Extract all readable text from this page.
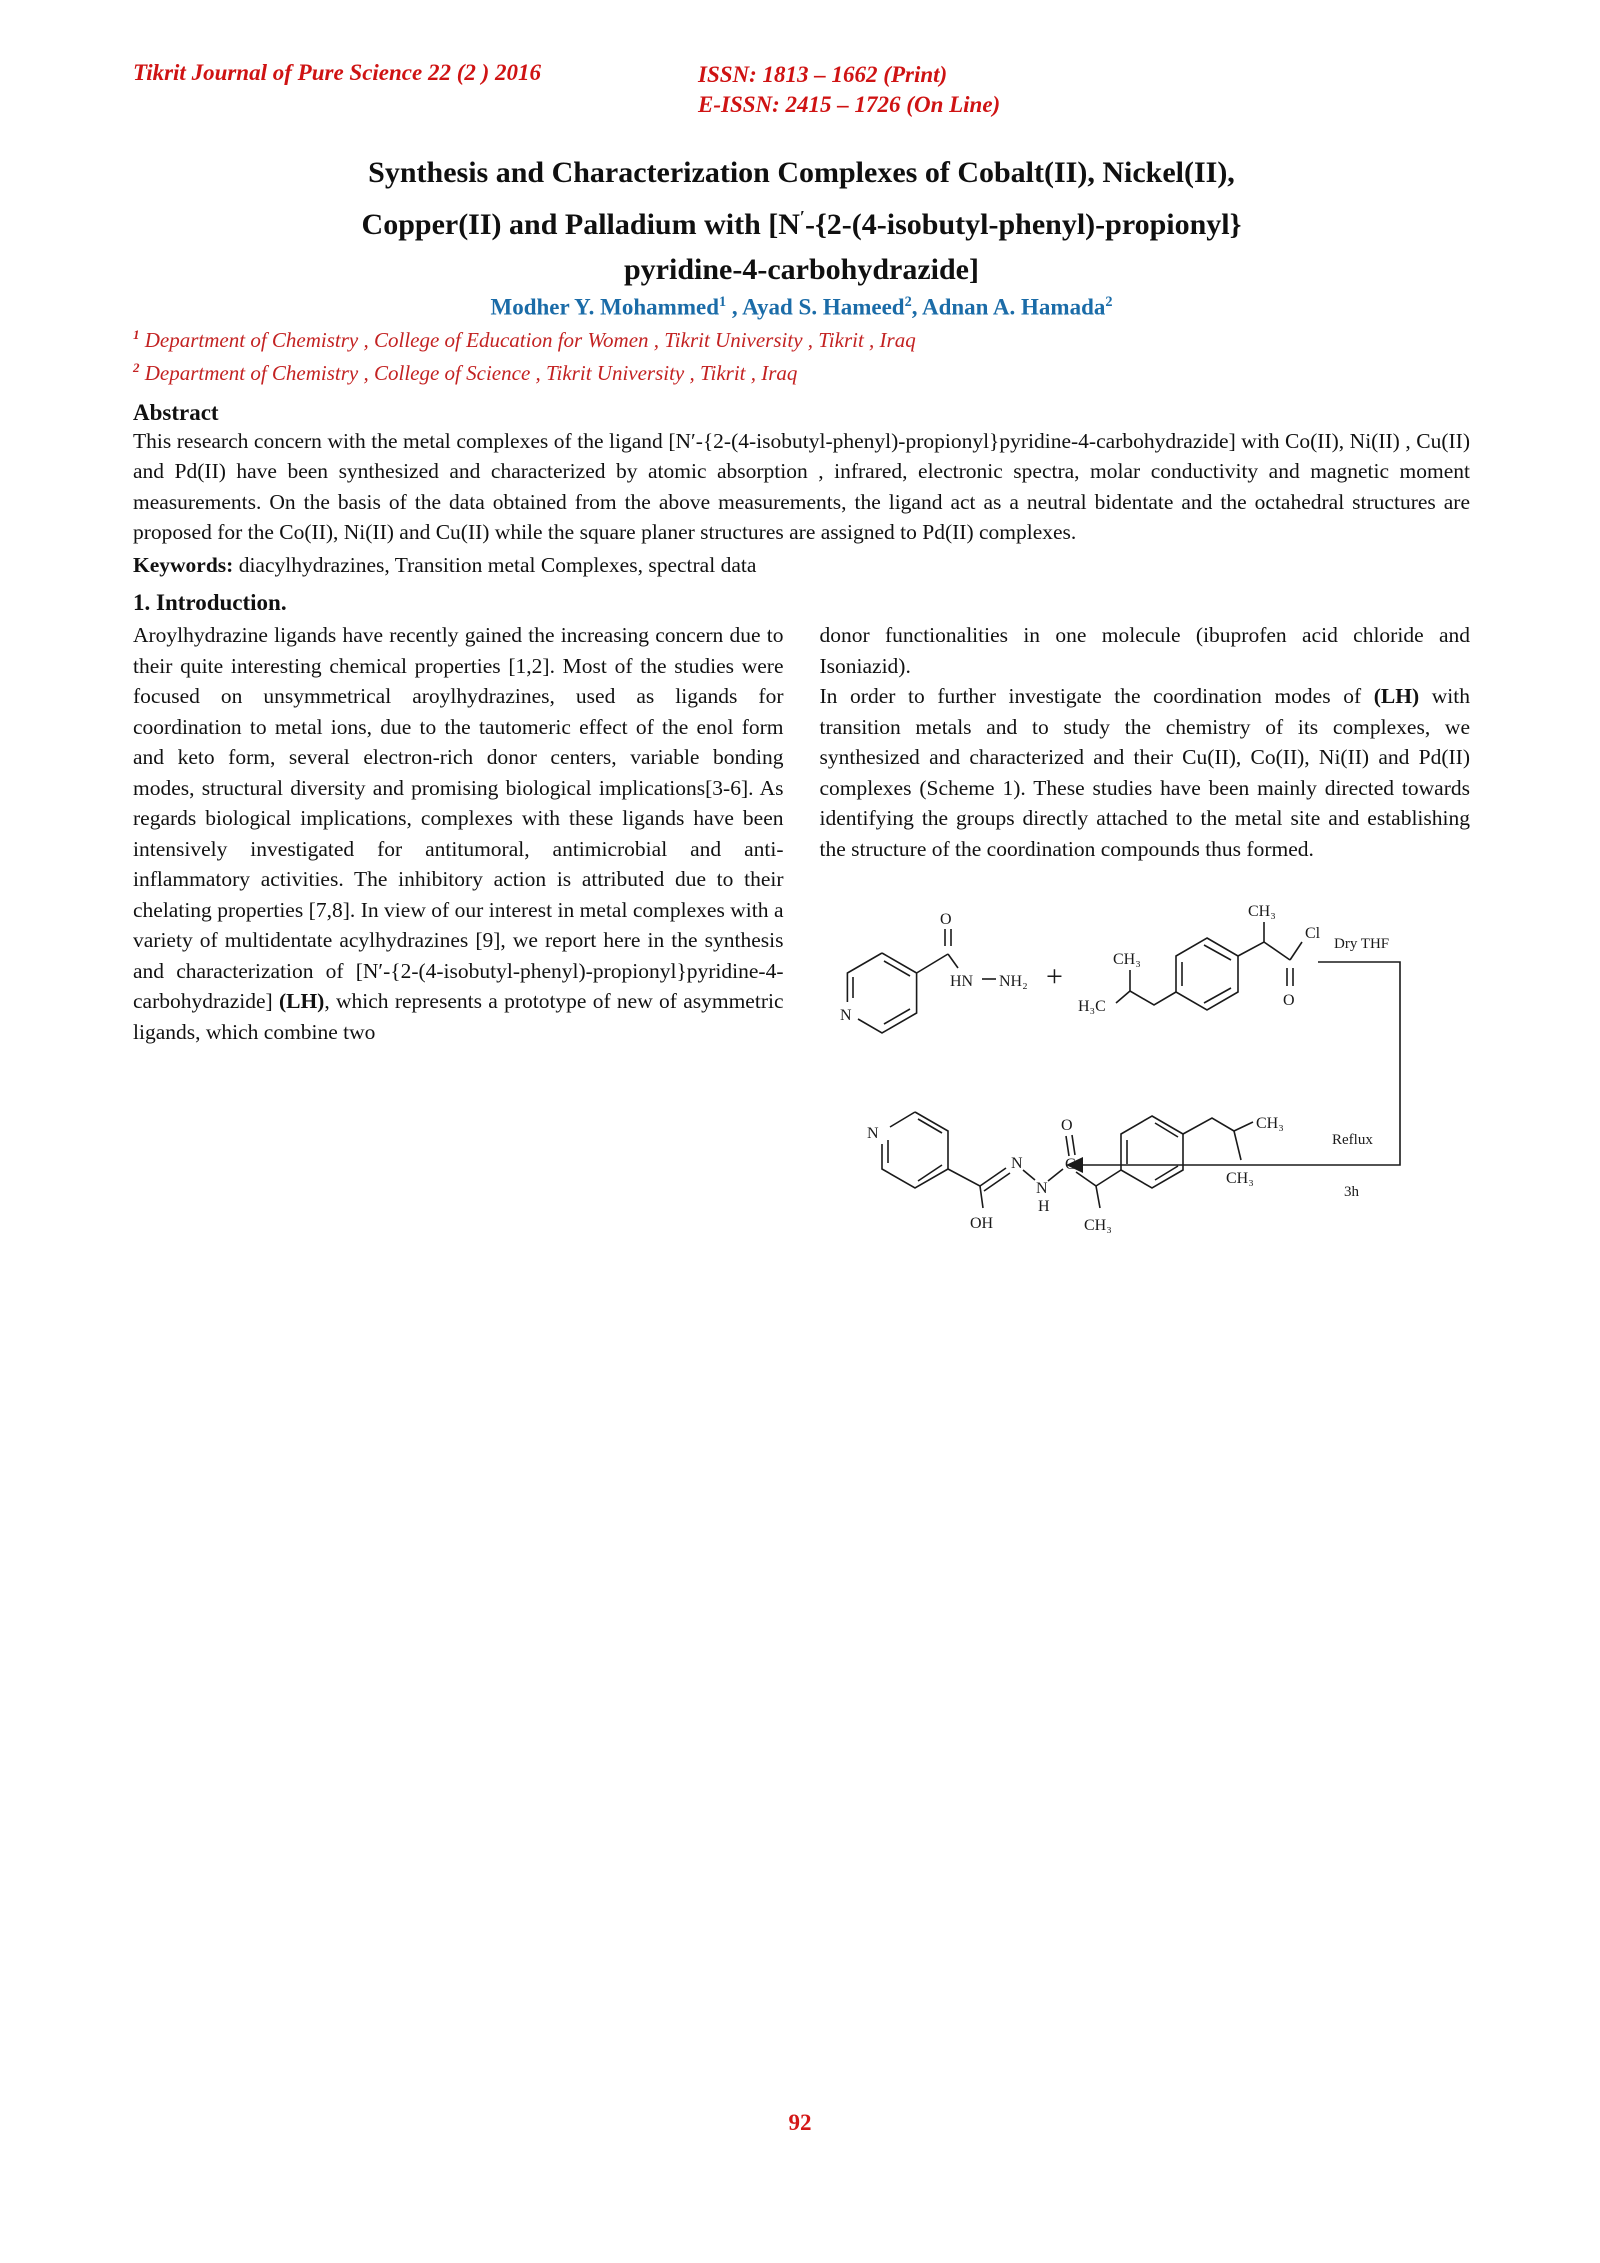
Tikrit Journal of Pure Science 22 (2 ) 2016	ISSN: 1813 – 1662 (Print)
E-ISSN: 2415 – 1726 (On Line)
Synthesis and Characterization Complexes of Cobalt(II), Nickel(II),
Copper(II) and Palladium with [N′-{2-(4-isobutyl-phenyl)-propionyl}
pyridine-4-carbohydrazide]
Modher Y. Mohammed$^1$ , Ayad S. Hameed$^2$, Adnan A. Hamada$^2$
$^1$ Department of Chemistry , College of Education for Women , Tikrit University , Tikrit , Iraq
$^2$ Department of Chemistry , College of Science , Tikrit University , Tikrit , Iraq
Abstract
This research concern with the metal complexes of the ligand [N′-{2-(4-isobutyl-phenyl)-propionyl}pyridine-4-carbohydrazide] with Co(II), Ni(II) , Cu(II) and Pd(II) have been synthesized and characterized by atomic absorption , infrared, electronic spectra, molar conductivity and magnetic moment measurements. On the basis of the data obtained from the above measurements, the ligand act as a neutral bidentate and the octahedral structures are proposed for the Co(II), Ni(II) and Cu(II) while the square planer structures are assigned to Pd(II) complexes.
Keywords: diacylhydrazines, Transition metal Complexes, spectral data
1. Introduction.

Aroylhydrazine ligands have recently gained the increasing concern due to their quite interesting chemical properties [1,2]. Most of the studies were focused on unsymmetrical aroylhydrazines, used as ligands for coordination to metal ions, due to the tautomeric effect of the enol form and keto form, several electron-rich donor centers, variable bonding modes, structural diversity and promising biological implications[3-6]. As regards biological implications, complexes with these ligands have been intensively investigated for antitumoral, antimicrobial and anti-inflammatory activities. The inhibitory action is attributed due to their chelating properties [7,8]. In view of our interest in metal complexes with a variety of multidentate acylhydrazines [9], we report here in the synthesis and characterization of [N′-{2-(4-isobutyl-phenyl)-propionyl}pyridine-4-carbohydrazide] (LH), which represents a prototype of new of asymmetric ligands, which combine two

donor functionalities in one molecule (ibuprofen acid chloride and Isoniazid).

In order to further investigate the coordination modes of (LH) with transition metals and to study the chemistry of its complexes, we synthesized and characterized and their Cu(II), Co(II), Ni(II) and Pd(II) complexes (Scheme 1). These studies have been mainly directed towards identifying the groups directly attached to the metal site and establishing the structure of the coordination compounds thus formed.

N
O
HN NH₂ +
H₃C
CH₃
CH₃
Cl
O
Dry THF
Reflux
3h
N
OH
N
N
H
C
O
CH₃
CH₃
CH₃
92
